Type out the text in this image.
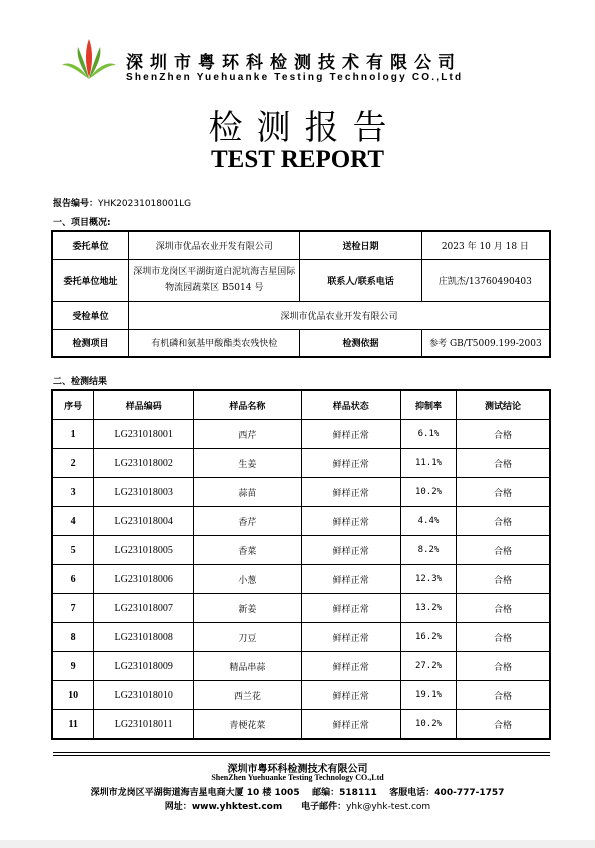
深圳市粤环科检测技术有限公司
ShenZhen Yuehuanke Testing Technology CO.,Ltd
检测报告
TEST REPORT
报告编号：YHK20231018001LG
一、项目概况:
委托单位	深圳市优品农业开发有限公司	送检日期	2023 年 10 月 18 日
委托单位地址	深圳市龙岗区平湖街道白泥坑海吉星国际物流园蔬菜区 B5014 号	联系人/联系电话	庄凯杰/13760490403
受检单位	深圳市优品农业开发有限公司		
检测项目	有机磷和氨基甲酸酯类农残快检	检测依据	参考 GB/T5009.199-2003
二、检测结果
序号	样品编码	样品名称	样品状态	抑制率	测试结论
1	LG231018001	西芹	鲜样正常	6.1%	合格
2	LG231018002	生姜	鲜样正常	11.1%	合格
3	LG231018003	蒜苗	鲜样正常	10.2%	合格
4	LG231018004	香芹	鲜样正常	4.4%	合格
5	LG231018005	香菜	鲜样正常	8.2%	合格
6	LG231018006	小葱	鲜样正常	12.3%	合格
7	LG231018007	新姜	鲜样正常	13.2%	合格
8	LG231018008	刀豆	鲜样正常	16.2%	合格
9	LG231018009	精品串蒜	鲜样正常	27.2%	合格
10	LG231018010	西兰花	鲜样正常	19.1%	合格
11	LG231018011	青梗花菜	鲜样正常	10.2%	合格
深圳市粤环科检测技术有限公司
ShenZhen Yuehuanke Testing Technology CO.,Ltd
深圳市龙岗区平湖街道海吉星电商大厦 10 楼 1005 邮编：518111 客服电话：400-777-1757
网址：www.yhktest.com 电子邮件：yhk@yhk-test.com
